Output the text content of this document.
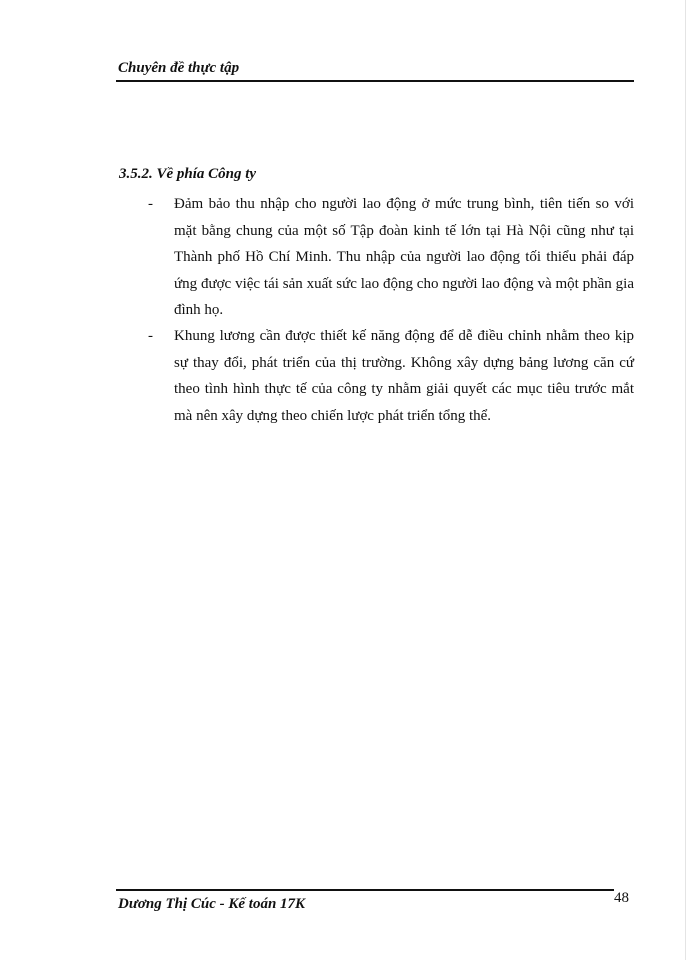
Chuyên đề thực tập
3.5.2. Về phía Công ty
- Đảm bảo thu nhập cho người lao động ở mức trung bình, tiên tiến so với mặt bằng chung của một số Tập đoàn kinh tế lớn tại Hà Nội cũng như tại Thành phố Hồ Chí Minh. Thu nhập của người lao động tối thiểu phải đáp ứng được việc tái sản xuất sức lao động cho người lao động và một phần gia đình họ.
- Khung lương cần được thiết kế năng động để dễ điều chỉnh nhằm theo kịp sự thay đổi, phát triển của thị trường. Không xây dựng bảng lương căn cứ theo tình hình thực tế của công ty nhằm giải quyết các mục tiêu trước mắt mà nên xây dựng theo chiến lược phát triển tổng thể.
Dương Thị Cúc - Kế toán 17K	48
